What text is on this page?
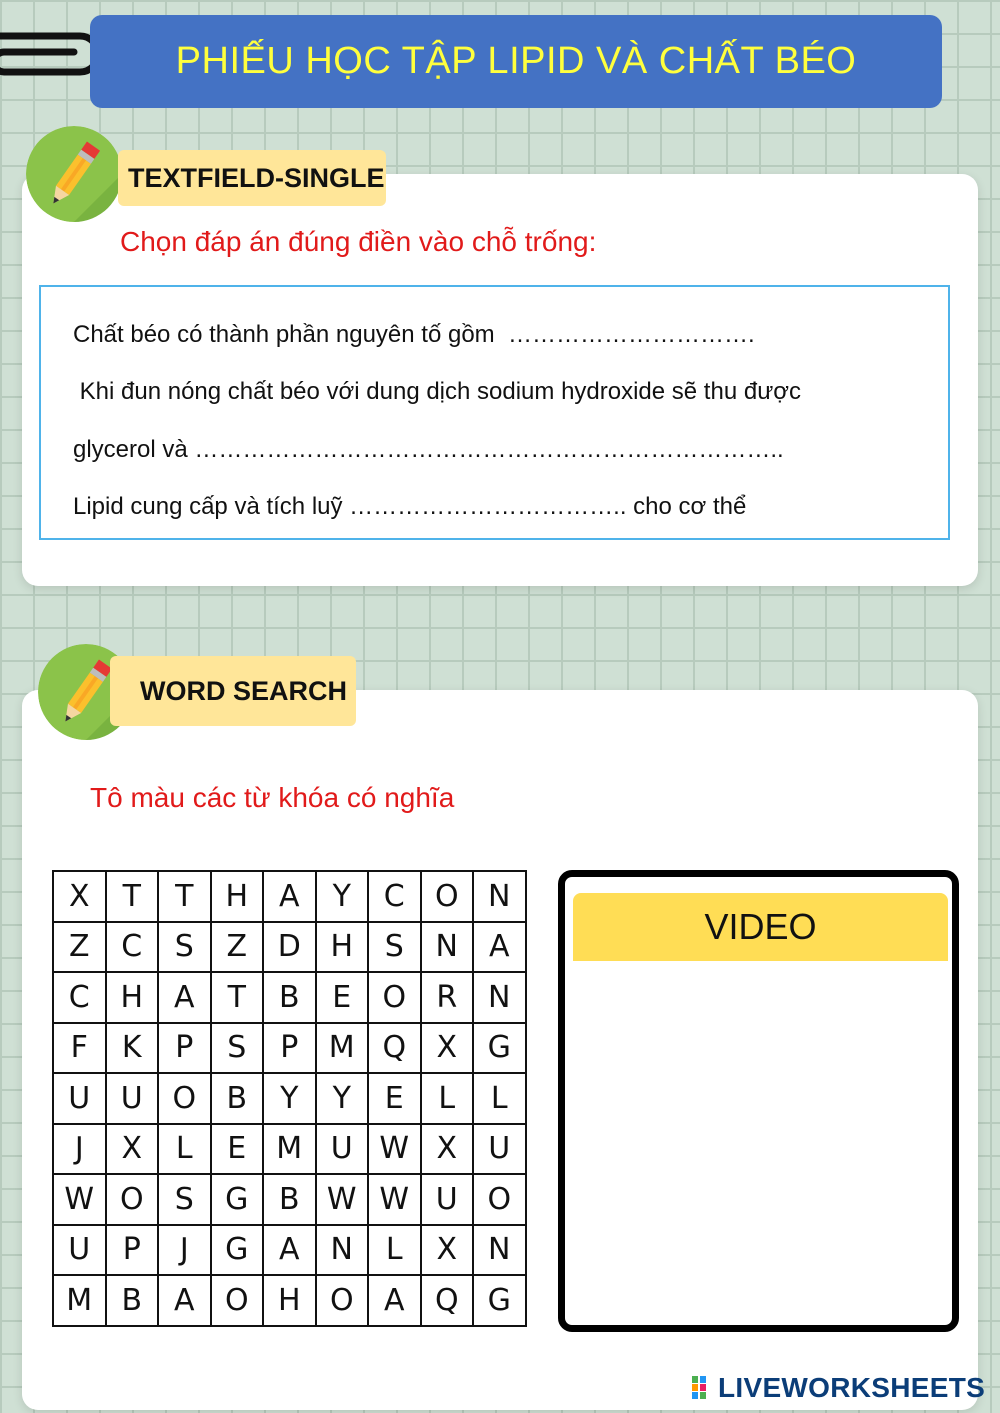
PHIẾU HỌC TẬP LIPID VÀ CHẤT BÉO
TEXTFIELD-SINGLE
Chọn đáp án đúng điền vào chỗ trống:
Chất béo có thành phần nguyên tố gồm  ………………………….
Khi đun nóng chất béo với dung dịch sodium hydroxide sẽ thu được
glycerol và ………………………………………………………………..
Lipid cung cấp và tích luỹ …………………………….. cho cơ thể
WORD SEARCH
Tô màu các từ khóa có nghĩa
X	T	T	H	A	Y	C	O	N
Z	C	S	Z	D	H	S	N	A
C	H	A	T	B	E	O	R	N
F	K	P	S	P	M	Q	X	G
U	U	O	B	Y	Y	E	L	L
J	X	L	E	M	U	W	X	U
W	O	S	G	B	W	W	U	O
U	P	J	G	A	N	L	X	N
M	B	A	O	H	O	A	Q	G
VIDEO
LIVEWORKSHEETS
